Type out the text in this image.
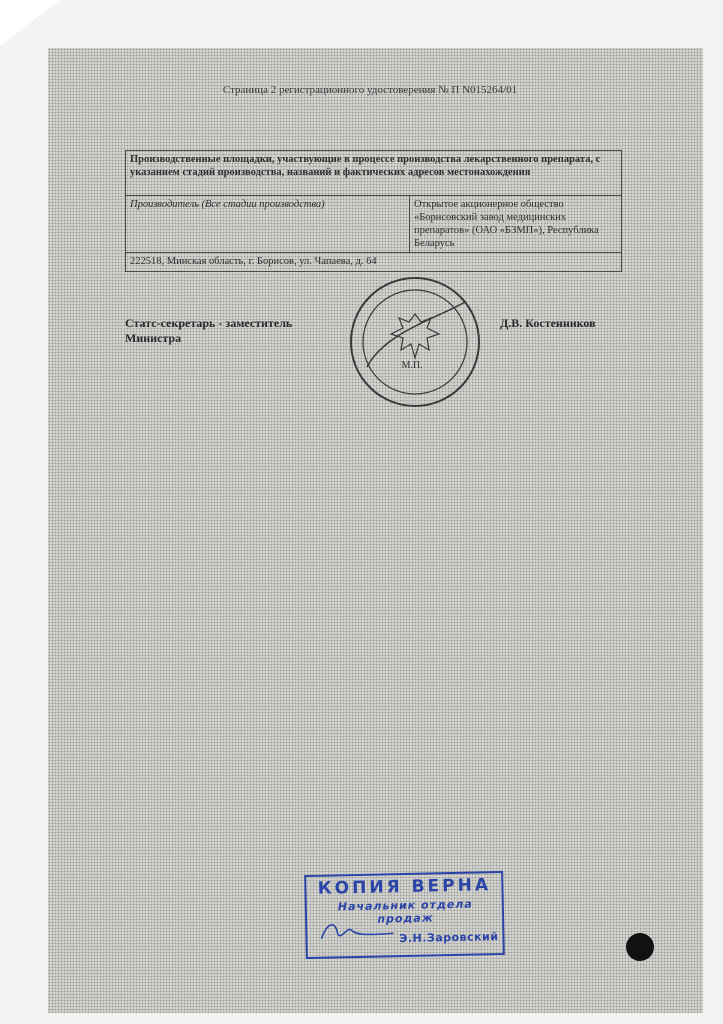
Страница 2 регистрационного удостоверения № П N015264/01
Производственные площадки, участвующие в процессе производства лекарственного препарата, с указанием стадий производства, названий и фактических адресов местонахождения
Производитель (Все стадии производства)	Открытое акционерное общество «Борисовский завод медицинских препаратов» (ОАО «БЗМП»), Республика Беларусь
222518, Минская область, г. Борисов, ул. Чапаева, д. 64
Статс-секретарь - заместитель Министра
Д.В. Костенников
М.П.
КОПИЯ ВЕРНА
Начальник отдела продаж
Э.Н.Заровский
